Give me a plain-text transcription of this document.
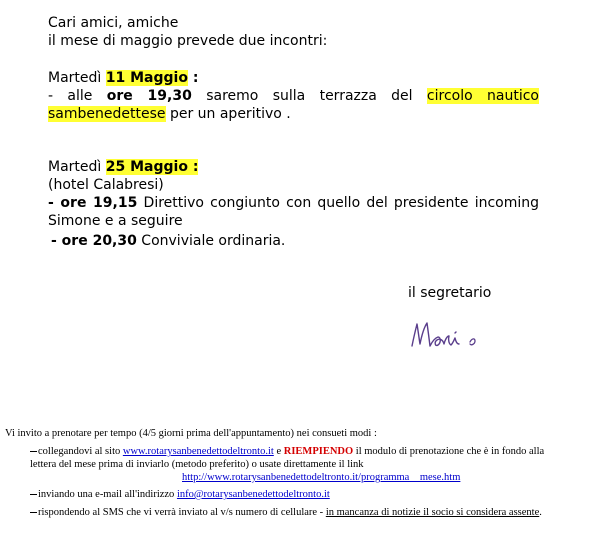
Cari amici, amiche
il mese di maggio prevede due incontri:
Martedì 11 Maggio :
- alle ore 19,30 saremo sulla terrazza del circolo nautico
sambenedettese per un aperitivo .
Martedì 25 Maggio :
(hotel Calabresi)
- ore 19,15 Direttivo congiunto con quello del presidente incoming
Simone e a seguire
- ore 20,30 Conviviale ordinaria.
il segretario
Vi invito a prenotare per tempo (4/5 giorni prima dell'appuntamento) nei consueti modi :
collegandovi al sito www.rotarysanbenedettodeltronto.it e RIEMPIENDO il modulo di prenotazione che è in fondo alla
lettera del mese prima di inviarlo (metodo preferito) o usate direttamente il link
http://www.rotarysanbenedettodeltronto.it/programma__mese.htm
inviando una e-mail all'indirizzo info@rotarysanbenedettodeltronto.it
rispondendo al SMS che vi verrà inviato al v/s numero di cellulare - in mancanza di notizie il socio si considera assente.
